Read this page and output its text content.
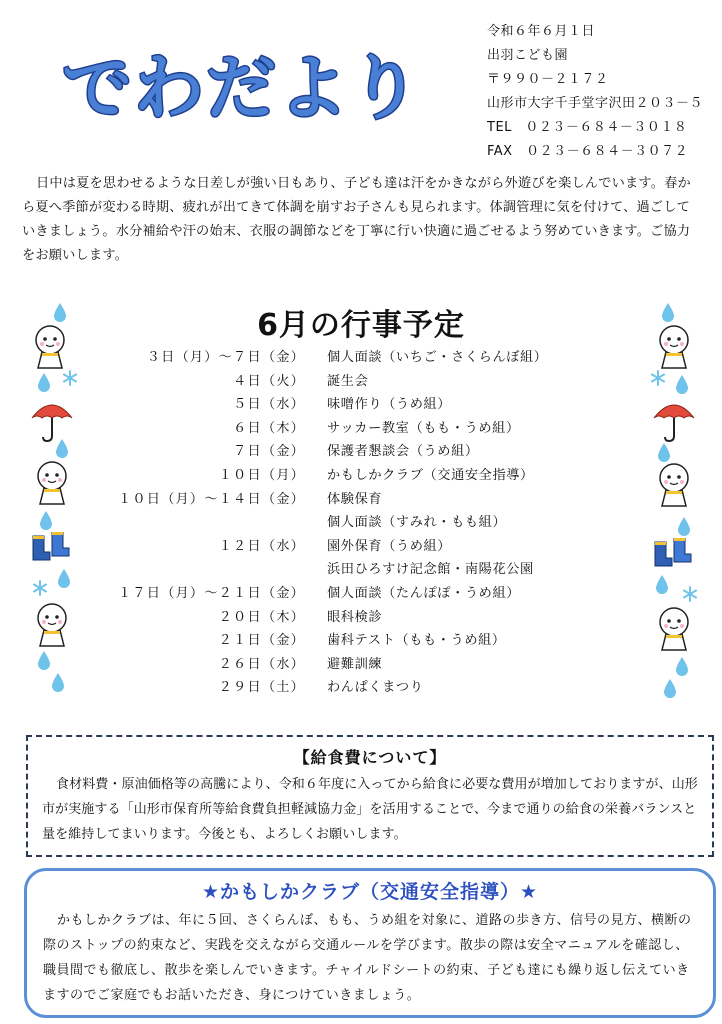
でわだより
令和６年６月１日
出羽こども園
〒９９０－２１７２
山形市大字千手堂字沢田２０３－５
TEL　０２３－６８４－３０１８
FAX　０２３－６８４－３０７２

日中は夏を思わせるような日差しが強い日もあり、子ども達は汗をかきながら外遊びを楽しんでいます。春から夏へ季節が変わる時期、疲れが出てきて体調を崩すお子さんも見られます。体調管理に気を付けて、過ごしていきましょう。水分補給や汗の始末、衣服の調節などを丁寧に行い快適に過ごせるよう努めていきます。ご協力をお願いします。

6月の行事予定
３日（月）～７日（金）	個人面談（いちご・さくらんぼ組）
４日（火）	誕生会
５日（水）	味噌作り（うめ組）
６日（木）	サッカー教室（もも・うめ組）
７日（金）	保護者懇談会（うめ組）
１０日（月）	かもしかクラブ（交通安全指導）
１０日（月）～１４日（金）	体験保育
個人面談（すみれ・もも組）
１２日（水）	園外保育（うめ組）
浜田ひろすけ記念館・南陽花公園
１７日（月）～２１日（金）	個人面談（たんぽぽ・うめ組）
２０日（木）	眼科検診
２１日（金）	歯科テスト（もも・うめ組）
２６日（水）	避難訓練
２９日（土）	わんぱくまつり
【給食費について】

食材料費・原油価格等の高騰により、令和６年度に入ってから給食に必要な費用が増加しておりますが、山形市が実施する「山形市保育所等給食費負担軽減協力金」を活用することで、今まで通りの給食の栄養バランスと量を維持してまいります。今後とも、よろしくお願いします。

★かもしかクラブ（交通安全指導）★

かもしかクラブは、年に５回、さくらんぼ、もも、うめ組を対象に、道路の歩き方、信号の見方、横断の際のストップの約束など、実践を交えながら交通ルールを学びます。散歩の際は安全マニュアルを確認し、職員間でも徹底し、散歩を楽しんでいきます。チャイルドシートの約束、子ども達にも繰り返し伝えていきますのでご家庭でもお話いただき、身につけていきましょう。
